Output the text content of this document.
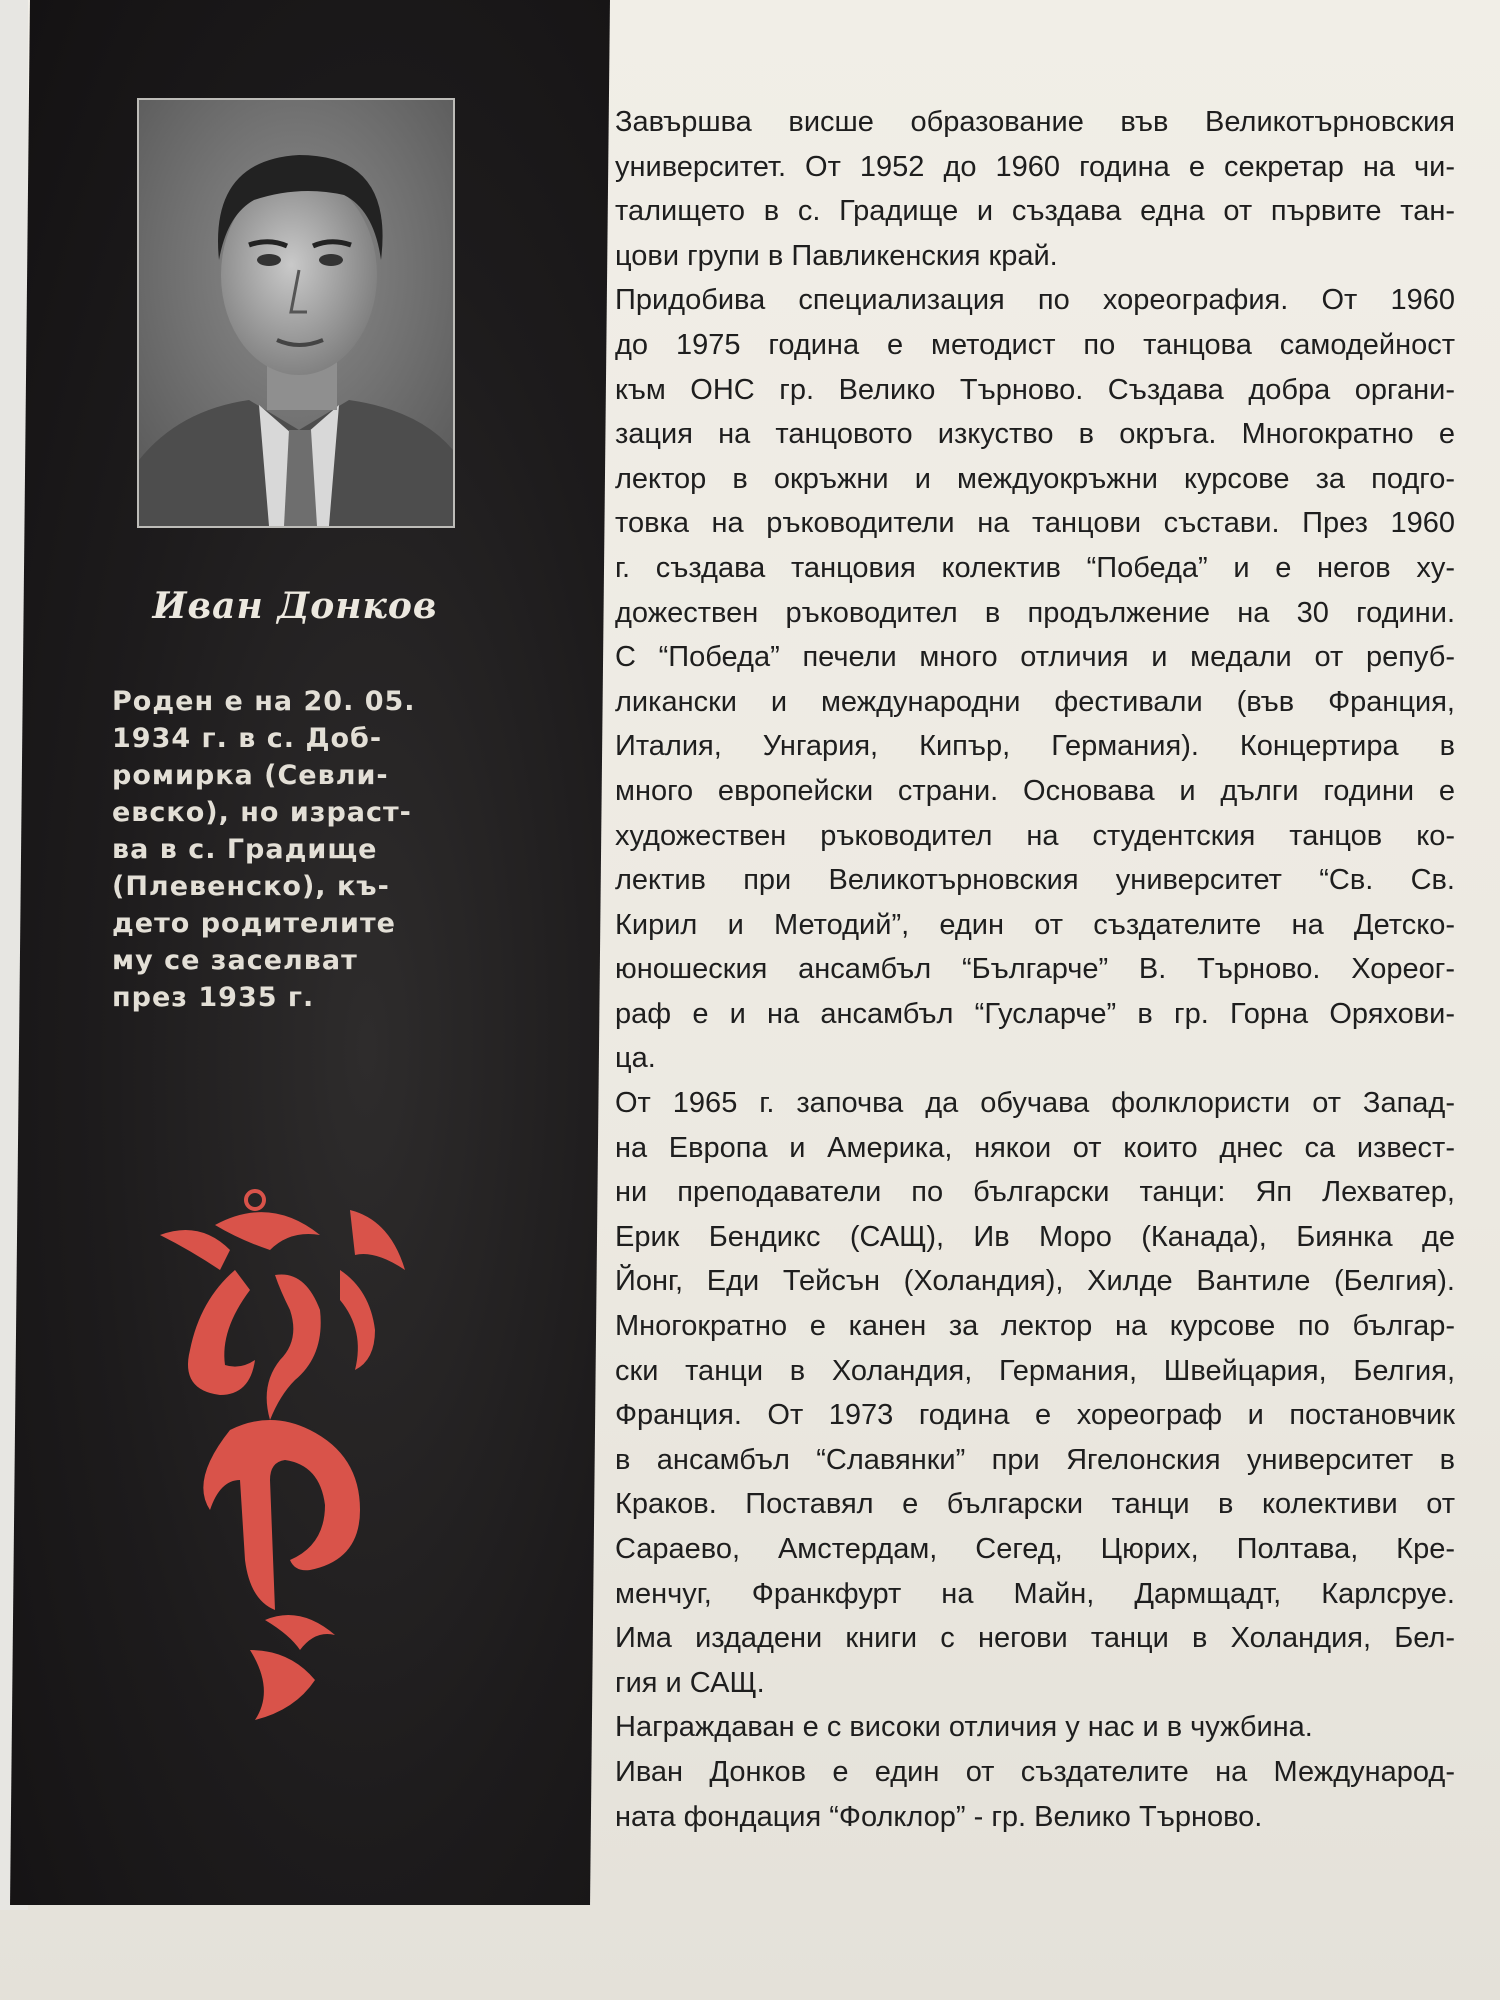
Иван Донков
Роден е на 20. 05.
1934 г. в с. Доб-
ромирка (Севли-
евско), но израст-
ва в с. Градище
(Плевенско), къ-
дето родителите
му се заселват
през 1935 г.
Завършва висше образование във Великотърновския
университет. От 1952 до 1960 година е секретар на чи-
талището в с. Градище и създава една от първите тан-
цови групи в Павликенския край.
Придобива специализация по хореография. От 1960
до 1975 година е методист по танцова самодейност
към ОНС гр. Велико Търново. Създава добра органи-
зация на танцовото изкуство в окръга. Многократно е
лектор в окръжни и междуокръжни курсове за подго-
товка на ръководители на танцови състави. През 1960
г. създава танцовия колектив “Победа” и е негов ху-
дожествен ръководител в продължение на 30 години.
С “Победа” печели много отличия и медали от репуб-
ликански и международни фестивали (във Франция,
Италия, Унгария, Кипър, Германия). Концертира в
много европейски страни. Основава и дълги години е
художествен ръководител на студентския танцов ко-
лектив при Великотърновския университет “Св. Св.
Кирил и Методий”, един от създателите на Детско-
юношеския ансамбъл “Българче” В. Търново. Хореог-
раф е и на ансамбъл “Гусларче” в гр. Горна Оряхови-
ца.
От 1965 г. започва да обучава фолклористи от Запад-
на Европа и Америка, някои от които днес са извест-
ни преподаватели по български танци: Яп Лехватер,
Ерик Бендикс (САЩ), Ив Моро (Канада), Биянка де
Йонг, Еди Тейсън (Холандия), Хилде Вантиле (Белгия).
Многократно е канен за лектор на курсове по българ-
ски танци в Холандия, Германия, Швейцария, Белгия,
Франция. От 1973 година е хореограф и постановчик
в ансамбъл “Славянки” при Ягелонския университет в
Краков. Поставял е български танци в колективи от
Сараево, Амстердам, Сегед, Цюрих, Полтава, Кре-
менчуг, Франкфурт на Майн, Дармщадт, Карлсруе.
Има издадени книги с негови танци в Холандия, Бел-
гия и САЩ.
Награждаван е с високи отличия у нас и в чужбина.
Иван Донков е един от създателите на Международ-
ната фондация “Фолклор” - гр. Велико Търново.
